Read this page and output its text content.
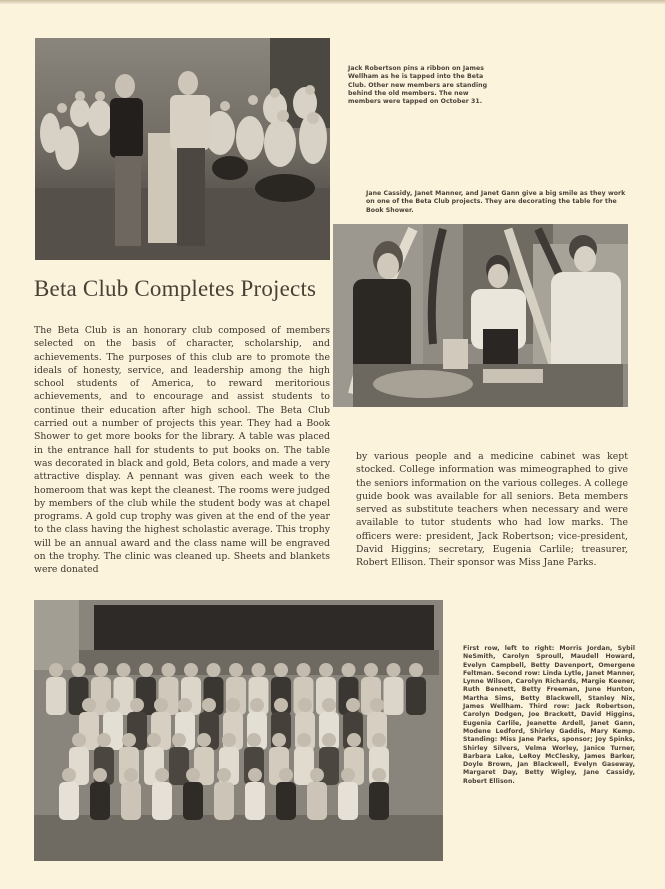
Jack Robertson pins a ribbon on James Wellham as he is tapped into the Beta Club. Other new members are standing behind the old members. The new members were tapped on October 31.
Jane Cassidy, Janet Manner, and Janet Gann give a big smile as they work on one of the Beta Club projects. They are decorating the table for the Book Shower.
Beta Club Completes Projects
The Beta Club is an honorary club composed of members selected on the basis of character, scholarship, and achievements. The purposes of this club are to promote the ideals of honesty, service, and leadership among the high school students of America, to reward meritorious achievements, and to encourage and assist students to continue their education after high school. The Beta Club carried out a number of projects this year. They had a Book Shower to get more books for the library. A table was placed in the entrance hall for students to put books on. The table was decorated in black and gold, Beta colors, and made a very attractive display. A pennant was given each week to the homeroom that was kept the cleanest. The rooms were judged by members of the club while the student body was at chapel programs. A gold cup trophy was given at the end of the year to the class having the highest scholastic average. This trophy will be an annual award and the class name will be engraved on the trophy. The clinic was cleaned up. Sheets and blankets were donated
by various people and a medicine cabinet was kept stocked. College information was mimeographed to give the seniors information on the various colleges. A college guide book was available for all seniors. Beta members served as substitute teachers when necessary and were available to tutor students who had low marks. The officers were: president, Jack Robertson; vice-president, David Higgins; secretary, Eugenia Carlile; treasurer, Robert Ellison. Their sponsor was Miss Jane Parks.
First row, left to right: Morris Jordan, Sybil NeSmith, Carolyn Sproull, Maudell Howard, Evelyn Campbell, Betty Davenport, Omergene Feltman. Second row: Linda Lytle, Janet Manner, Lynne Wilson, Carolyn Richards, Margie Keener, Ruth Bennett, Betty Freeman, June Hunton, Martha Sims, Betty Blackwell, Stanley Nix, James Wellham. Third row: Jack Robertson, Carolyn Dodgen, Joe Brackett, David Higgins, Eugenia Carlile, Jeanette Ardell, Janet Gann, Modene Ledford, Shirley Gaddis, Mary Kemp. Standing: Miss Jane Parks, sponsor; Joy Spinks, Shirley Silvers, Velma Worley, Janice Turner, Barbara Lake, LeRoy McClesky, James Barker, Doyle Brown, Jan Blackwell, Evelyn Gaseway, Margaret Day, Betty Wigley, Jane Cassidy, Robert Ellison.
